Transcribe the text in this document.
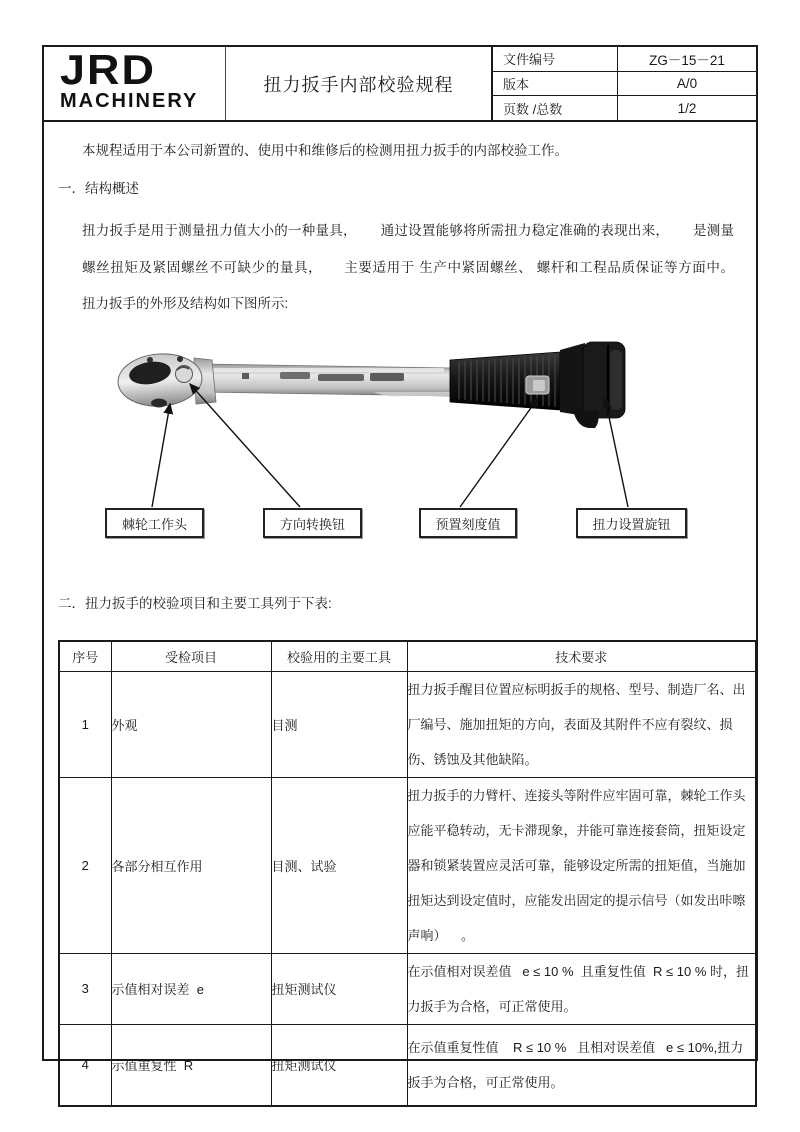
JRD
MACHINERY
扭力扳手内部校验规程
文件编号	ZG－15－21
版本	A/0
页数 /总数	1/2
本规程适用于本公司新置的、使用中和维修后的检测用扭力扳手的内部校验工作。
一．结构概述
扭力扳手是用于测量扭力值大小的一种量具，      通过设置能够将所需扭力稳定准确的表现出来，      是测量螺丝扭矩及紧固螺丝不可缺少的量具，     主要适用于 生产中紧固螺丝、 螺杆和工程品质保证等方面中。     扭力扳手的外形及结构如下图所示:
棘轮工作头	方向转换钮	预置刻度值	扭力设置旋钮
二．扭力扳手的校验项目和主要工具列于下表:
序号	受检项目	校验用的主要工具	技术要求
1	外观	目测	扭力扳手醒目位置应标明扳手的规格、型号、制造厂名、出厂编号、施加扭矩的方向，表面及其附件不应有裂纹、损伤、锈蚀及其他缺陷。
2	各部分相互作用	目测、试验	扭力扳手的力臂杆、连接头等附件应牢固可靠，棘轮工作头应能平稳转动，无卡滞现象，并能可靠连接套筒，扭矩设定器和锁紧装置应灵活可靠，能够设定所需的扭矩值，当施加扭矩达到设定值时，应能发出固定的提示信号（如发出咔嚓声响）    。
3	示值相对误差  e	扭矩测试仪	在示值相对误差值   e ≤ 10 %  且重复性值  R ≤ 10 % 时，扭力扳手为合格，可正常使用。
4	示值重复性  R	扭矩测试仪	在示值重复性值    R ≤ 10 %   且相对误差值   e ≤ 10%,扭力扳手为合格，可正常使用。
